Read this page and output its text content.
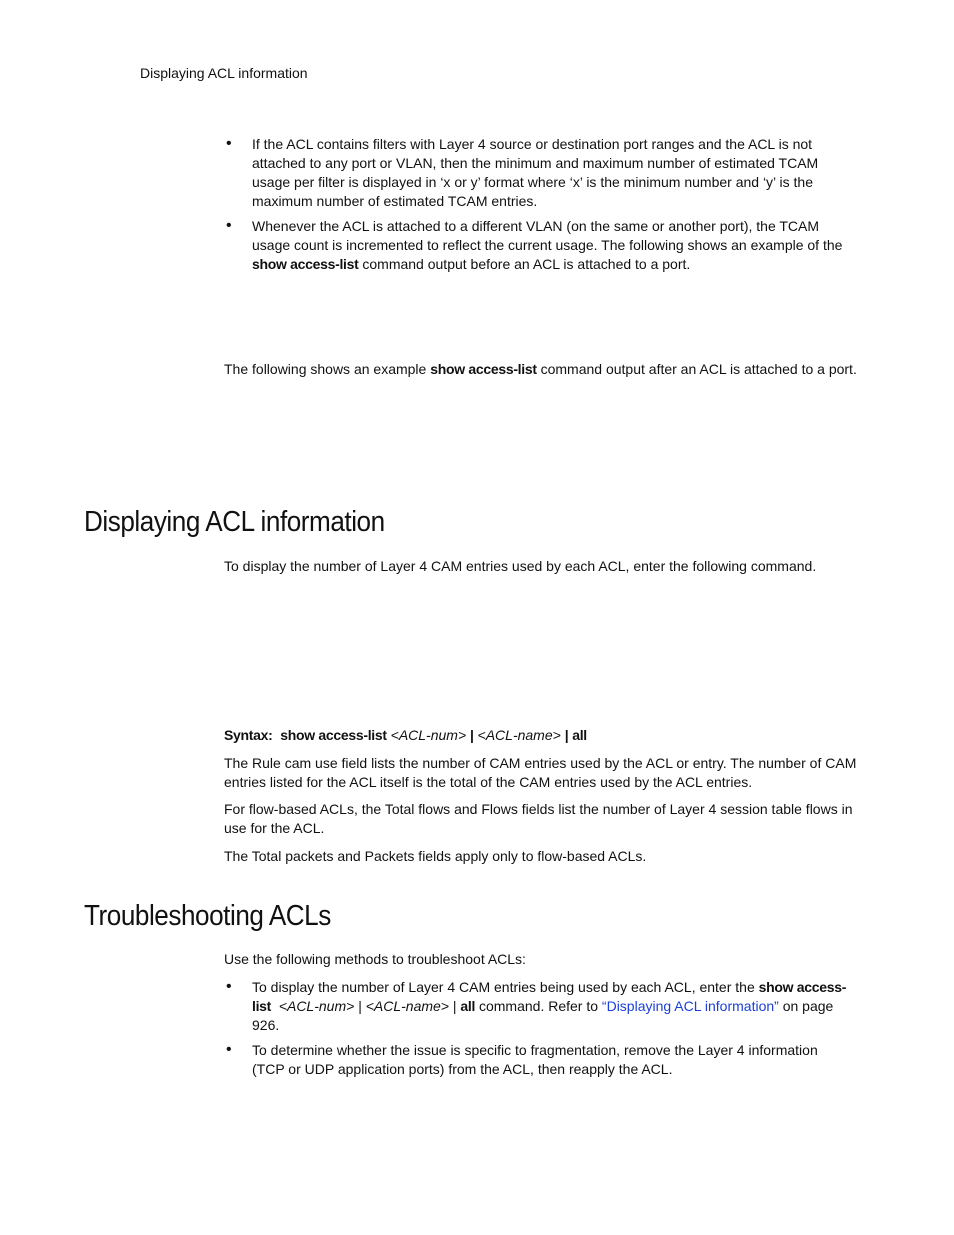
Displaying ACL information
• If the ACL contains filters with Layer 4 source or destination port ranges and the ACL is not attached to any port or VLAN, then the minimum and maximum number of estimated TCAM usage per filter is displayed in ‘x or y’ format where ‘x’ is the minimum number and ‘y’ is the maximum number of estimated TCAM entries.
• Whenever the ACL is attached to a different VLAN (on the same or another port), the TCAM usage count is incremented to reflect the current usage. The following shows an example of the show access-list command output before an ACL is attached to a port.

The following shows an example show access-list command output after an ACL is attached to a port.

Displaying ACL information

To display the number of Layer 4 CAM entries used by each ACL, enter the following command.

Syntax: show access-list <ACL-num> | <ACL-name> | all

The Rule cam use field lists the number of CAM entries used by the ACL or entry. The number of CAM entries listed for the ACL itself is the total of the CAM entries used by the ACL entries.

For flow-based ACLs, the Total flows and Flows fields list the number of Layer 4 session table flows in use for the ACL.

The Total packets and Packets fields apply only to flow-based ACLs.

Troubleshooting ACLs

Use the following methods to troubleshoot ACLs:

• To display the number of Layer 4 CAM entries being used by each ACL, enter the show access-list <ACL-num> | <ACL-name> | all command. Refer to “Displaying ACL information” on page 926.
• To determine whether the issue is specific to fragmentation, remove the Layer 4 information (TCP or UDP application ports) from the ACL, then reapply the ACL.
